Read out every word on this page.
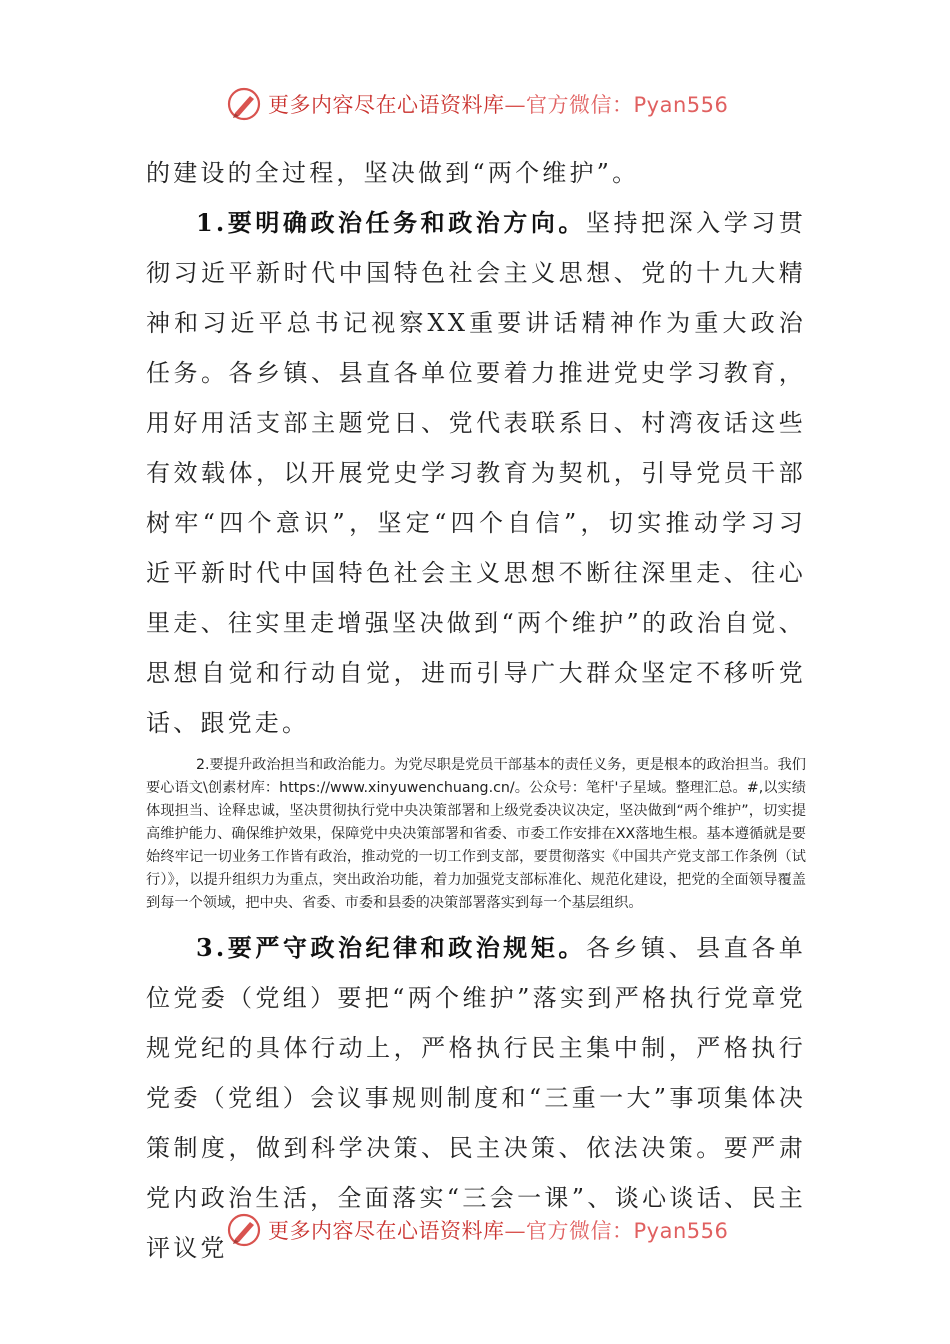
更多内容尽在心语资料库—官方微信：Pyan556

的建设的全过程，坚决做到“两个维护”。

1.要明确政治任务和政治方向。坚持把深入学习贯彻习近平新时代中国特色社会主义思想、党的十九大精神和习近平总书记视察XX重要讲话精神作为重大政治任务。各乡镇、县直各单位要着力推进党史学习教育，用好用活支部主题党日、党代表联系日、村湾夜话这些有效载体，以开展党史学习教育为契机，引导党员干部树牢“四个意识”，坚定“四个自信”，切实推动学习习近平新时代中国特色社会主义思想不断往深里走、往心里走、往实里走增强坚决做到“两个维护”的政治自觉、思想自觉和行动自觉，进而引导广大群众坚定不移听党话、跟党走。

2.要提升政治担当和政治能力。为党尽职是党员干部基本的责任义务，更是根本的政治担当。我们要心语文\创素材库：https://www.xinyuwenchuang.cn/。公众号：笔杆'子星域。整理汇总。#,以实绩体现担当、诠释忠诚，坚决贯彻执行党中央决策部署和上级党委决议决定，坚决做到“两个维护”，切实提高维护能力、确保维护效果，保障党中央决策部署和省委、市委工作安排在XX落地生根。基本遵循就是要始终牢记一切业务工作皆有政治，推动党的一切工作到支部，要贯彻落实《中国共产党支部工作条例（试行）》，以提升组织力为重点，突出政治功能，着力加强党支部标准化、规范化建设，把党的全面领导覆盖到每一个领域，把中央、省委、市委和县委的决策部署落实到每一个基层组织。

3.要严守政治纪律和政治规矩。各乡镇、县直各单位党委（党组）要把“两个维护”落实到严格执行党章党规党纪的具体行动上，严格执行民主集中制，严格执行党委（党组）会议事规则制度和“三重一大”事项集体决策制度，做到科学决策、民主决策、依法决策。要严肃党内政治生活，全面落实“三会一课”、谈心谈话、民主评议党

更多内容尽在心语资料库—官方微信：Pyan556
